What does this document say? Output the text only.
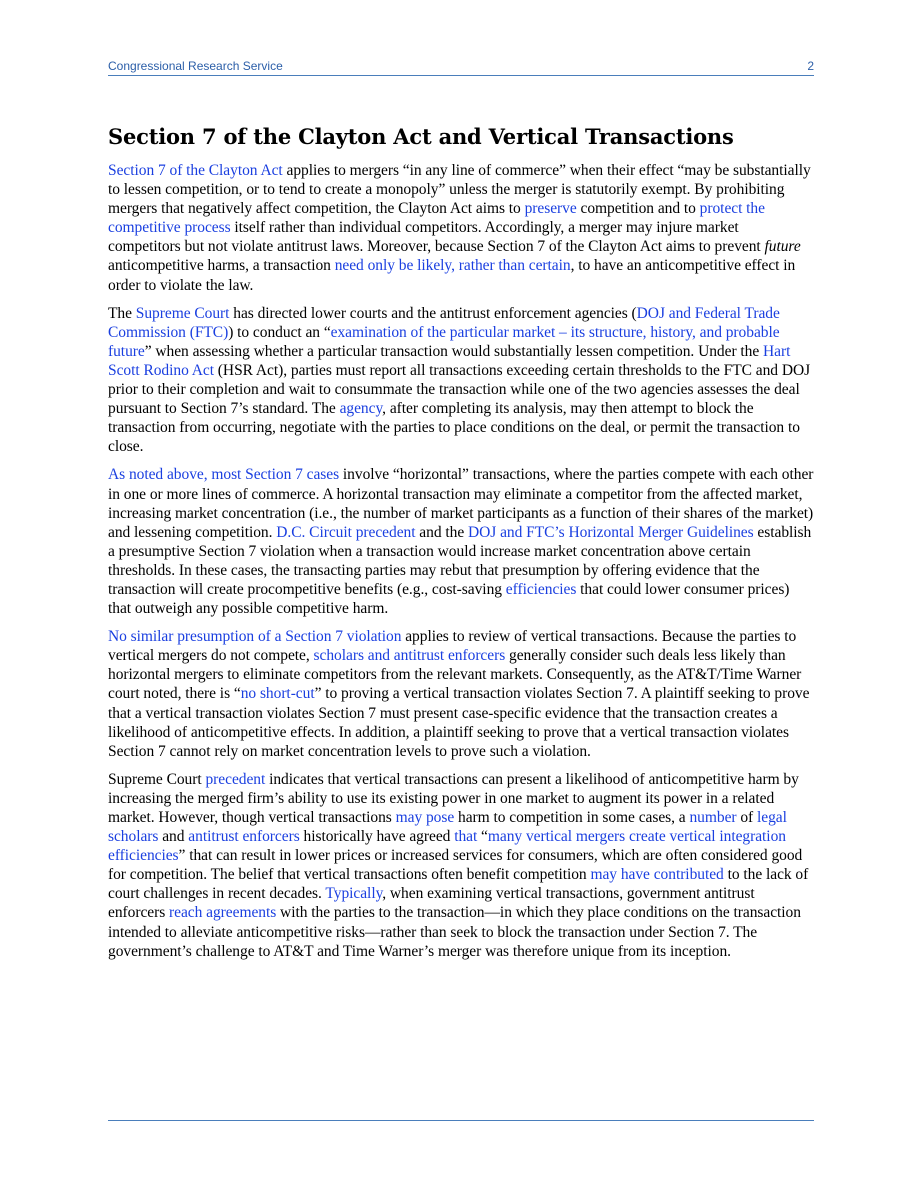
Congressional Research Service	2
Section 7 of the Clayton Act and Vertical Transactions

Section 7 of the Clayton Act applies to mergers “in any line of commerce” when their effect “may be substantially to lessen competition, or to tend to create a monopoly” unless the merger is statutorily exempt. By prohibiting mergers that negatively affect competition, the Clayton Act aims to preserve competition and to protect the competitive process itself rather than individual competitors. Accordingly, a merger may injure market competitors but not violate antitrust laws. Moreover, because Section 7 of the Clayton Act aims to prevent future anticompetitive harms, a transaction need only be likely, rather than certain, to have an anticompetitive effect in order to violate the law.

The Supreme Court has directed lower courts and the antitrust enforcement agencies (DOJ and Federal Trade Commission (FTC)) to conduct an “examination of the particular market – its structure, history, and probable future” when assessing whether a particular transaction would substantially lessen competition. Under the Hart Scott Rodino Act (HSR Act), parties must report all transactions exceeding certain thresholds to the FTC and DOJ prior to their completion and wait to consummate the transaction while one of the two agencies assesses the deal pursuant to Section 7’s standard. The agency, after completing its analysis, may then attempt to block the transaction from occurring, negotiate with the parties to place conditions on the deal, or permit the transaction to close.

As noted above, most Section 7 cases involve “horizontal” transactions, where the parties compete with each other in one or more lines of commerce. A horizontal transaction may eliminate a competitor from the affected market, increasing market concentration (i.e., the number of market participants as a function of their shares of the market) and lessening competition. D.C. Circuit precedent and the DOJ and FTC’s Horizontal Merger Guidelines establish a presumptive Section 7 violation when a transaction would increase market concentration above certain thresholds. In these cases, the transacting parties may rebut that presumption by offering evidence that the transaction will create procompetitive benefits (e.g., cost-saving efficiencies that could lower consumer prices) that outweigh any possible competitive harm.

No similar presumption of a Section 7 violation applies to review of vertical transactions. Because the parties to vertical mergers do not compete, scholars and antitrust enforcers generally consider such deals less likely than horizontal mergers to eliminate competitors from the relevant markets. Consequently, as the AT&T/Time Warner court noted, there is “no short-cut” to proving a vertical transaction violates Section 7. A plaintiff seeking to prove that a vertical transaction violates Section 7 must present case-specific evidence that the transaction creates a likelihood of anticompetitive effects. In addition, a plaintiff seeking to prove that a vertical transaction violates Section 7 cannot rely on market concentration levels to prove such a violation.

Supreme Court precedent indicates that vertical transactions can present a likelihood of anticompetitive harm by increasing the merged firm’s ability to use its existing power in one market to augment its power in a related market. However, though vertical transactions may pose harm to competition in some cases, a number of legal scholars and antitrust enforcers historically have agreed that “many vertical mergers create vertical integration efficiencies” that can result in lower prices or increased services for consumers, which are often considered good for competition. The belief that vertical transactions often benefit competition may have contributed to the lack of court challenges in recent decades. Typically, when examining vertical transactions, government antitrust enforcers reach agreements with the parties to the transaction—in which they place conditions on the transaction intended to alleviate anticompetitive risks—rather than seek to block the transaction under Section 7. The government’s challenge to AT&T and Time Warner’s merger was therefore unique from its inception.
